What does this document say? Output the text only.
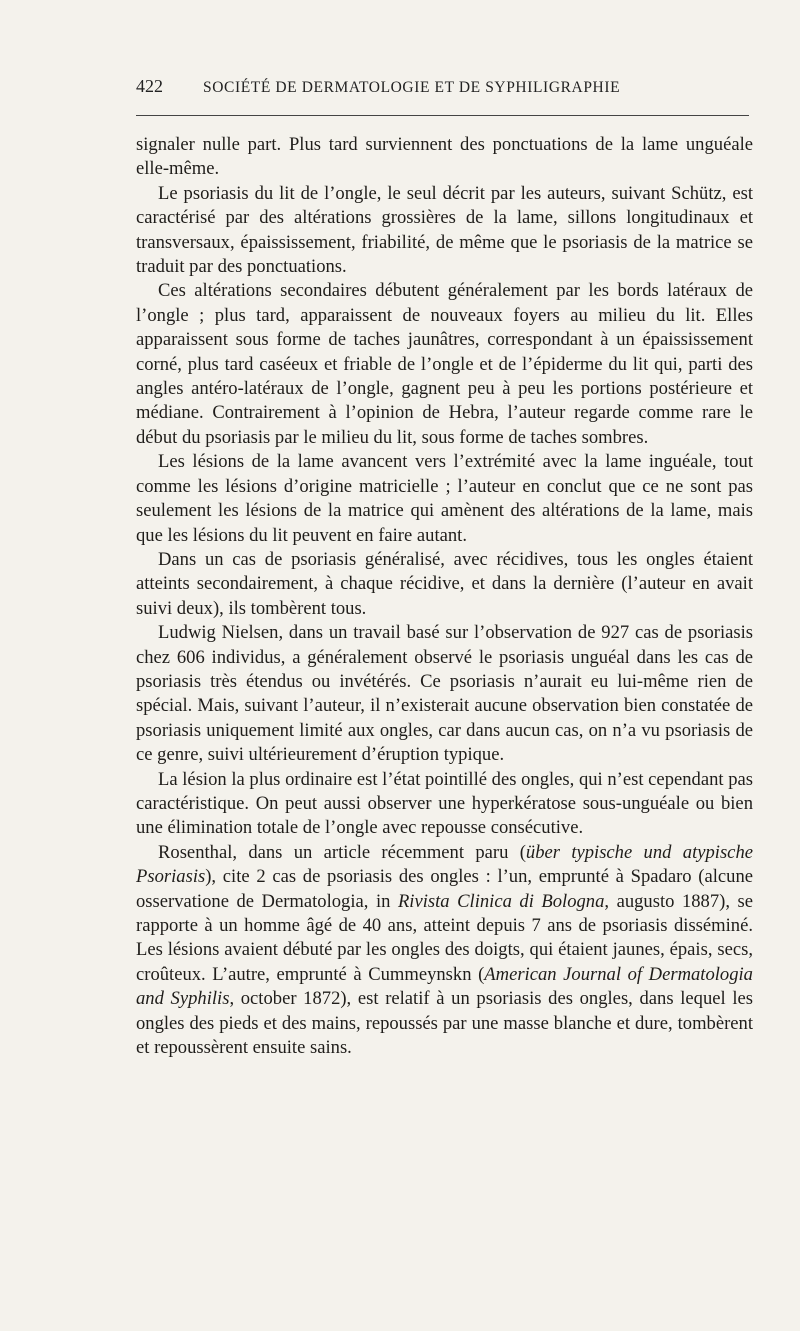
422	SOCIÉTÉ DE DERMATOLOGIE ET DE SYPHILIGRAPHIE

signaler nulle part. Plus tard surviennent des ponctuations de la lame unguéale elle-même.

Le psoriasis du lit de l’ongle, le seul décrit par les auteurs, suivant Schütz, est caractérisé par des altérations grossières de la lame, sillons longitudinaux et transversaux, épaississement, friabilité, de même que le psoriasis de la matrice se traduit par des ponctuations.

Ces altérations secondaires débutent généralement par les bords latéraux de l’ongle ; plus tard, apparaissent de nouveaux foyers au milieu du lit. Elles apparaissent sous forme de taches jaunâtres, correspondant à un épaississement corné, plus tard caséeux et friable de l’ongle et de l’épiderme du lit qui, parti des angles antéro-latéraux de l’ongle, gagnent peu à peu les portions postérieure et médiane. Contrairement à l’opinion de Hebra, l’auteur regarde comme rare le début du psoriasis par le milieu du lit, sous forme de taches sombres.

Les lésions de la lame avancent vers l’extrémité avec la lame inguéale, tout comme les lésions d’origine matricielle ; l’auteur en conclut que ce ne sont pas seulement les lésions de la matrice qui amènent des altérations de la lame, mais que les lésions du lit peuvent en faire autant.

Dans un cas de psoriasis généralisé, avec récidives, tous les ongles étaient atteints secondairement, à chaque récidive, et dans la dernière (l’auteur en avait suivi deux), ils tombèrent tous.

Ludwig Nielsen, dans un travail basé sur l’observation de 927 cas de psoriasis chez 606 individus, a généralement observé le psoriasis unguéal dans les cas de psoriasis très étendus ou invétérés. Ce psoriasis n’aurait eu lui-même rien de spécial. Mais, suivant l’auteur, il n’existerait aucune observation bien constatée de psoriasis uniquement limité aux ongles, car dans aucun cas, on n’a vu psoriasis de ce genre, suivi ultérieurement d’éruption typique.

La lésion la plus ordinaire est l’état pointillé des ongles, qui n’est cependant pas caractéristique. On peut aussi observer une hyperkératose sous-unguéale ou bien une élimination totale de l’ongle avec repousse consécutive.

Rosenthal, dans un article récemment paru (über typische und atypische Psoriasis), cite 2 cas de psoriasis des ongles : l’un, emprunté à Spadaro (alcune osservatione de Dermatologia, in Rivista Clinica di Bologna, augusto 1887), se rapporte à un homme âgé de 40 ans, atteint depuis 7 ans de psoriasis disséminé. Les lésions avaient débuté par les ongles des doigts, qui étaient jaunes, épais, secs, croûteux. L’autre, emprunté à Cummeynskn (American Journal of Dermatologia and Syphilis, october 1872), est relatif à un psoriasis des ongles, dans lequel les ongles des pieds et des mains, repoussés par une masse blanche et dure, tombèrent et repoussèrent ensuite sains.
